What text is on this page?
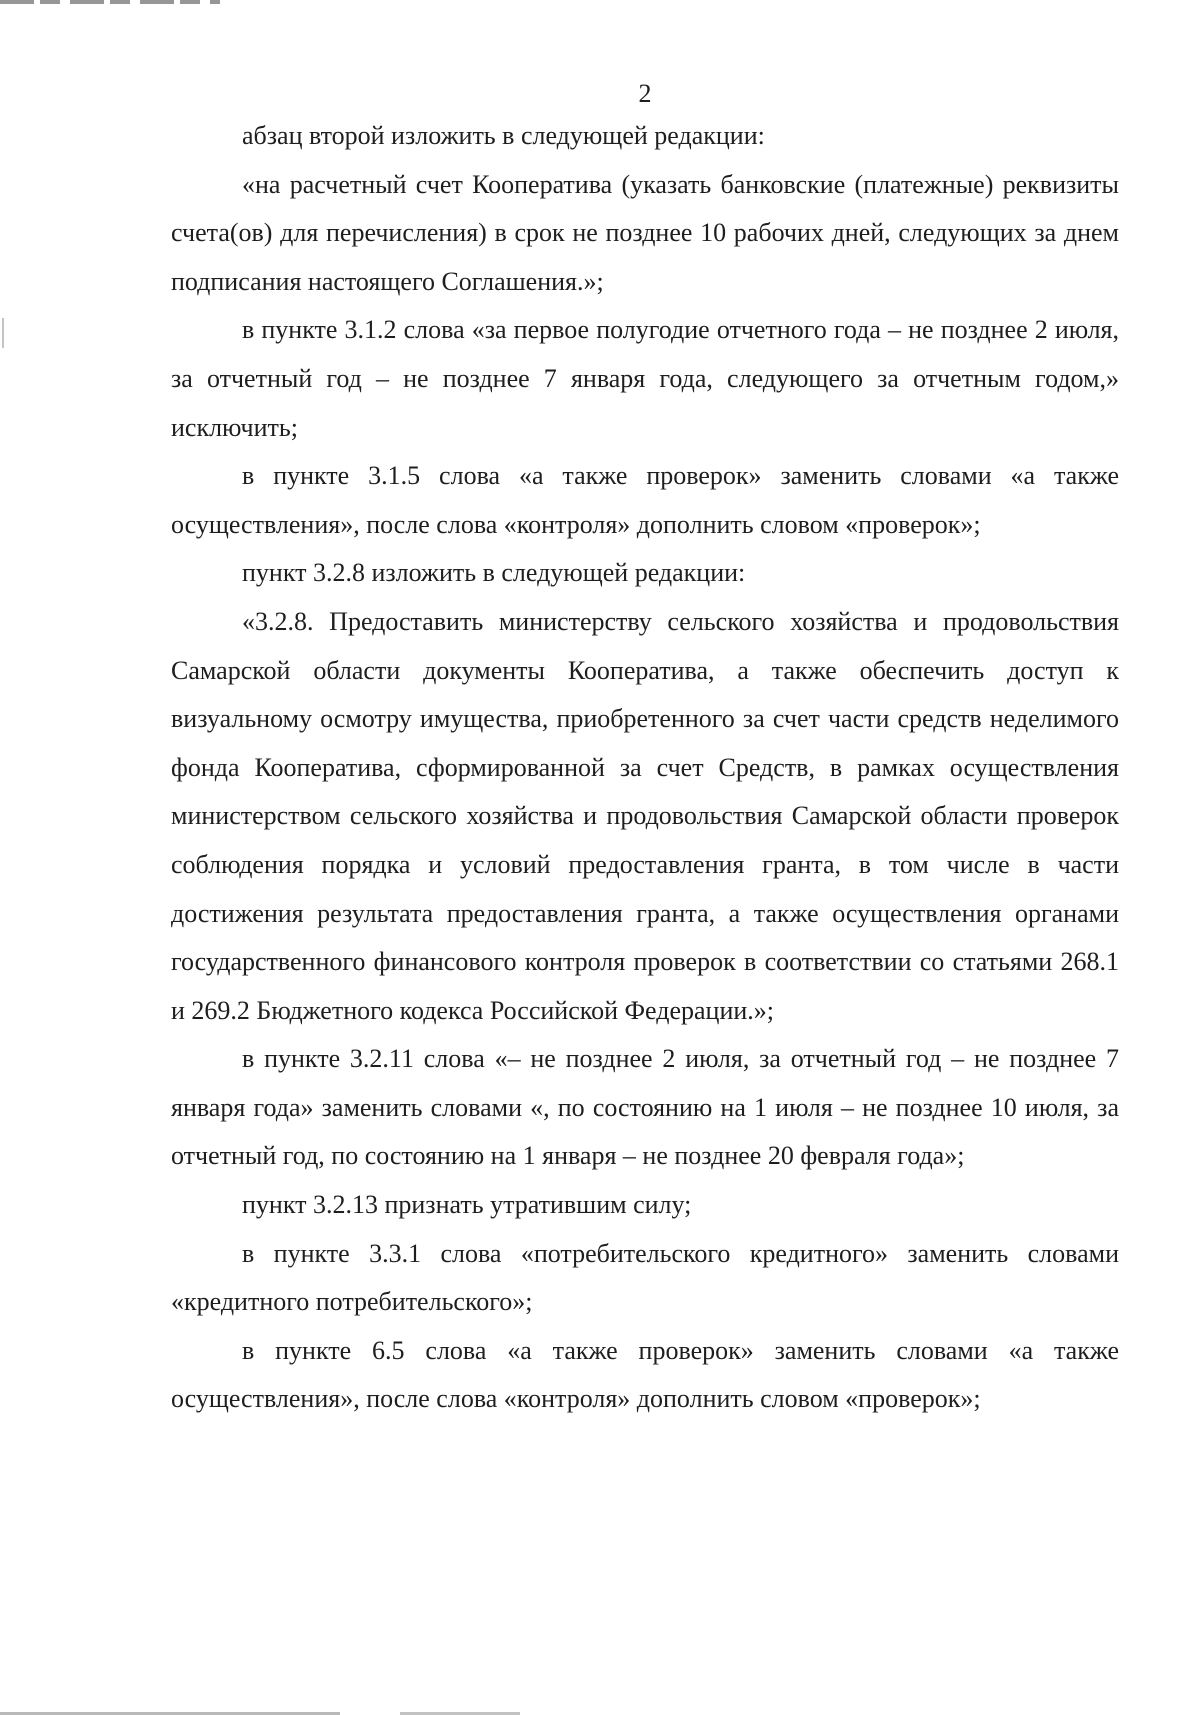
2

абзац второй изложить в следующей редакции:

«на расчетный счет Кооператива (указать банковские (платежные) реквизиты счета(ов) для перечисления) в срок не позднее 10 рабочих дней, следующих за днем подписания настоящего Соглашения.»;

в пункте 3.1.2 слова «за первое полугодие отчетного года – не позднее 2 июля, за отчетный год – не позднее 7 января года, следующего за отчетным годом,» исключить;

в пункте 3.1.5 слова «а также проверок» заменить словами «а также осуществления», после слова «контроля» дополнить словом «проверок»;

пункт 3.2.8 изложить в следующей редакции:

«3.2.8. Предоставить министерству сельского хозяйства и продовольствия Самарской области документы Кооператива, а также обеспечить доступ к визуальному осмотру имущества, приобретенного за счет части средств неделимого фонда Кооператива, сформированной за счет Средств, в рамках осуществления министерством сельского хозяйства и продовольствия Самарской области проверок соблюдения порядка и условий предоставления гранта, в том числе в части достижения результата предоставления гранта, а также осуществления органами государственного финансового контроля проверок в соответствии со статьями 268.1 и 269.2 Бюджетного кодекса Российской Федерации.»;

в пункте 3.2.11 слова «– не позднее 2 июля, за отчетный год – не позднее 7 января года» заменить словами «, по состоянию на 1 июля – не позднее 10 июля, за отчетный год, по состоянию на 1 января – не позднее 20 февраля года»;

пункт 3.2.13 признать утратившим силу;

в пункте 3.3.1 слова «потребительского кредитного» заменить словами «кредитного потребительского»;

в пункте 6.5 слова «а также проверок» заменить словами «а также осуществления», после слова «контроля» дополнить словом «проверок»;
